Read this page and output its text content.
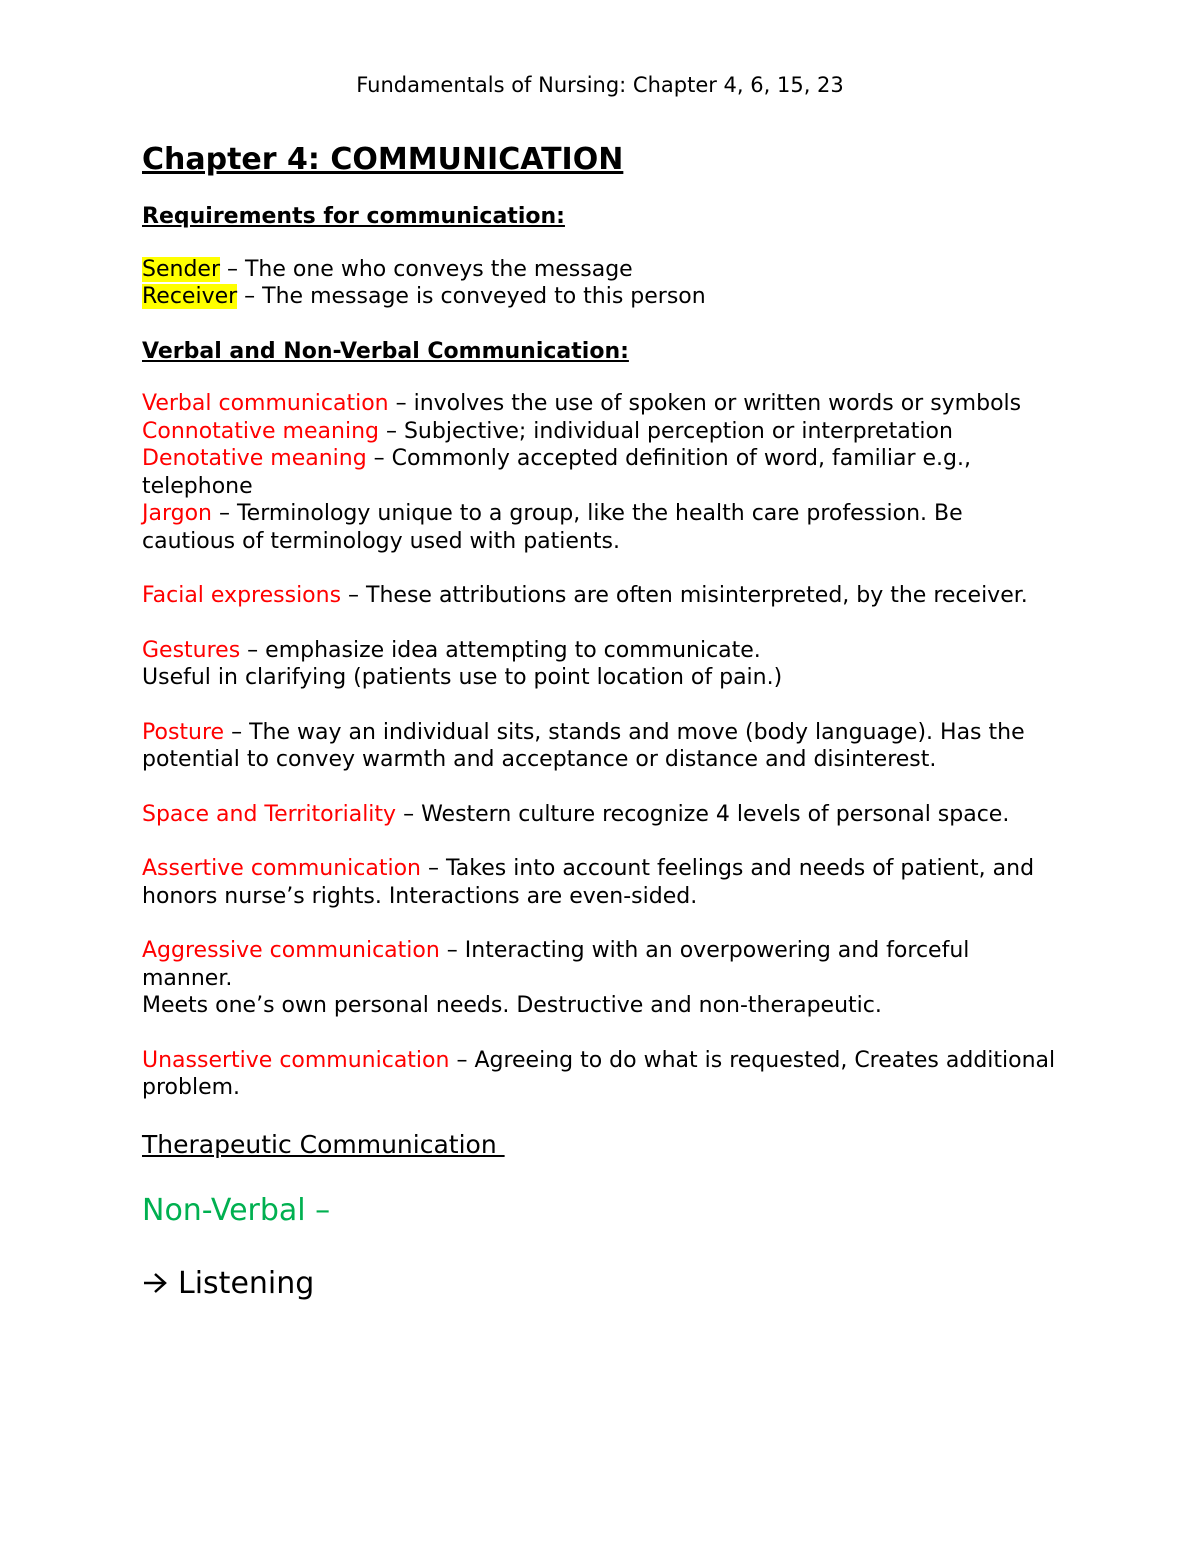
Fundamentals of Nursing: Chapter 4, 6, 15, 23
Chapter 4: COMMUNICATION
Requirements for communication:

Sender – The one who conveys the message

Receiver – The message is conveyed to this person

Verbal and Non-Verbal Communication:

Verbal communication – involves the use of spoken or written words or symbols

Connotative meaning – Subjective; individual perception or interpretation

Denotative meaning – Commonly accepted definition of word, familiar e.g., telephone

Jargon – Terminology unique to a group, like the health care profession. Be cautious of terminology used with patients.

Facial expressions – These attributions are often misinterpreted, by the receiver.

Gestures – emphasize idea attempting to communicate.

Useful in clarifying (patients use to point location of pain.)

Posture – The way an individual sits, stands and move (body language). Has the potential to convey warmth and acceptance or distance and disinterest.

Space and Territoriality – Western culture recognize 4 levels of personal space.

Assertive communication – Takes into account feelings and needs of patient, and honors nurse’s rights. Interactions are even-sided.

Aggressive communication – Interacting with an overpowering and forceful manner.

Meets one’s own personal needs. Destructive and non-therapeutic.

Unassertive communication – Agreeing to do what is requested, Creates additional problem.

Therapeutic Communication
Non-Verbal –
Listening
